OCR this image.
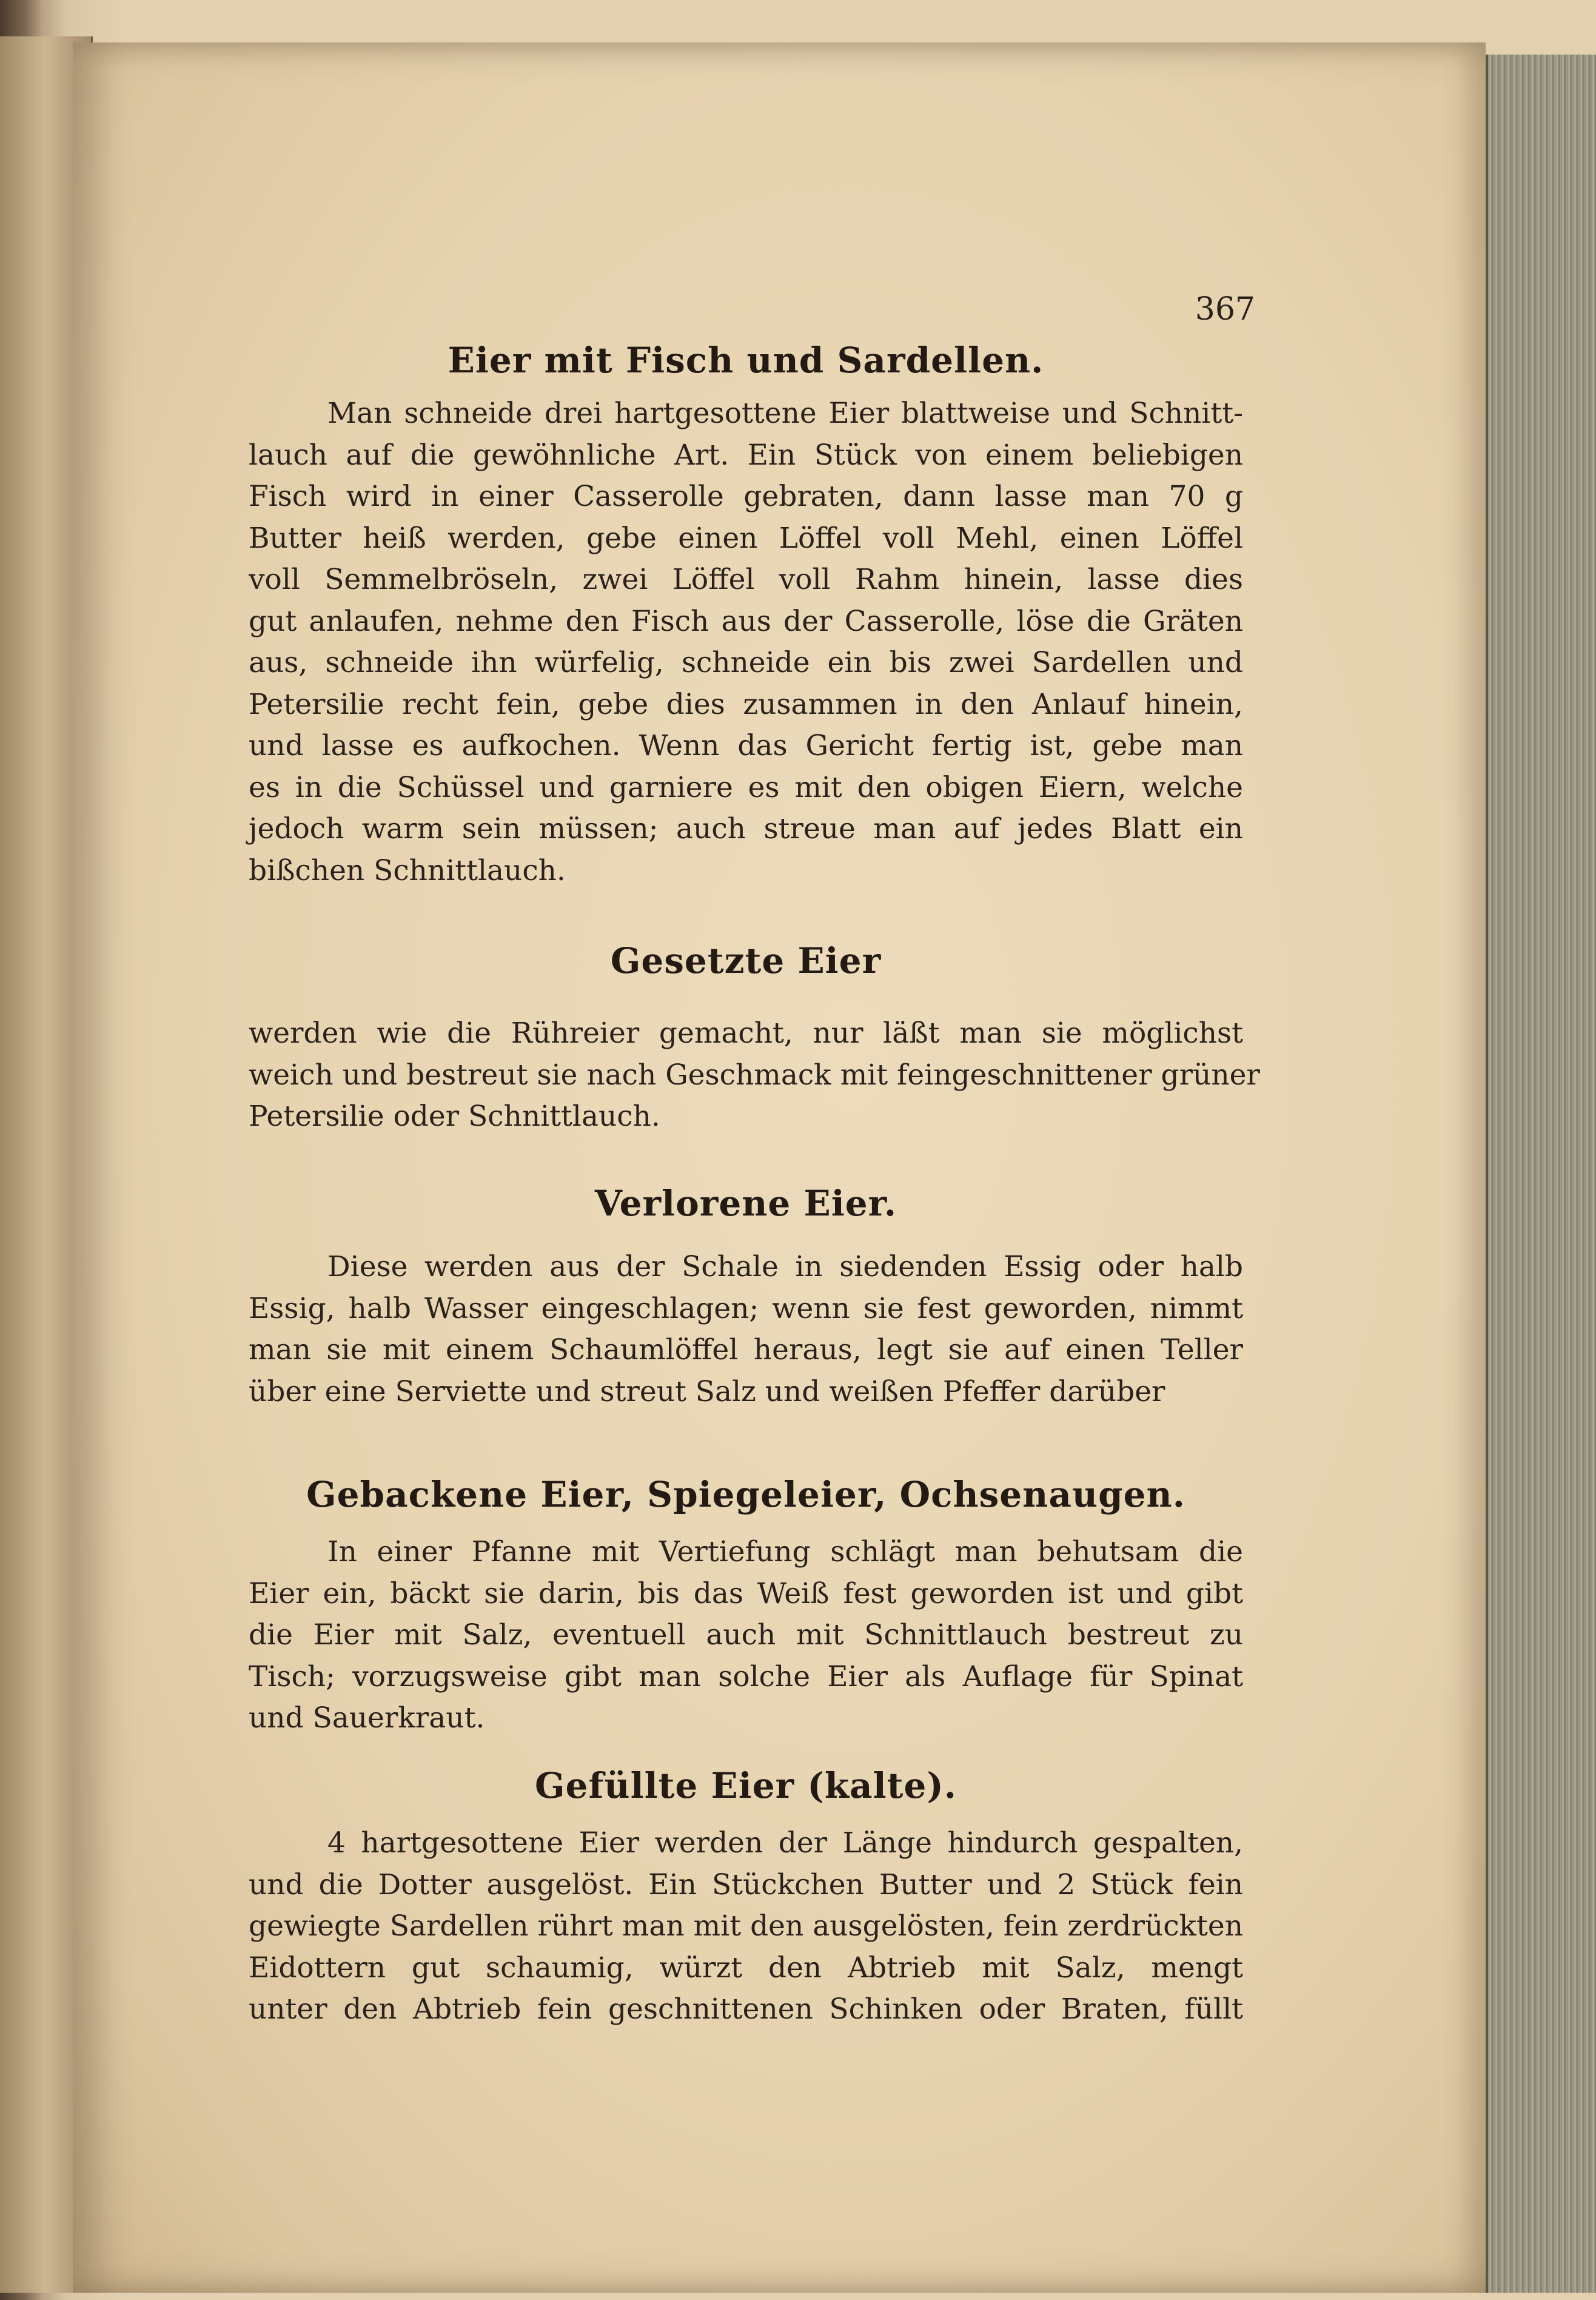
367
Eier mit Fisch und Sardellen.
Man schneide drei hartgesottene Eier blattweise und Schnitt-
lauch auf die gewöhnliche Art. Ein Stück von einem beliebigen
Fisch wird in einer Casserolle gebraten, dann lasse man 70 g
Butter heiß werden, gebe einen Löffel voll Mehl, einen Löffel
voll Semmelbröseln, zwei Löffel voll Rahm hinein, lasse dies
gut anlaufen, nehme den Fisch aus der Casserolle, löse die Gräten
aus, schneide ihn würfelig, schneide ein bis zwei Sardellen und
Petersilie recht fein, gebe dies zusammen in den Anlauf hinein,
und lasse es aufkochen. Wenn das Gericht fertig ist, gebe man
es in die Schüssel und garniere es mit den obigen Eiern, welche
jedoch warm sein müssen; auch streue man auf jedes Blatt ein
bißchen Schnittlauch.
Gesetzte Eier
werden wie die Rühreier gemacht, nur läßt man sie möglichst
weich und bestreut sie nach Geschmack mit feingeschnittener grüner
Petersilie oder Schnittlauch.
Verlorene Eier.
Diese werden aus der Schale in siedenden Essig oder halb
Essig, halb Wasser eingeschlagen; wenn sie fest geworden, nimmt
man sie mit einem Schaumlöffel heraus, legt sie auf einen Teller
über eine Serviette und streut Salz und weißen Pfeffer darüber
Gebackene Eier, Spiegeleier, Ochsenaugen.
In einer Pfanne mit Vertiefung schlägt man behutsam die
Eier ein, bäckt sie darin, bis das Weiß fest geworden ist und gibt
die Eier mit Salz, eventuell auch mit Schnittlauch bestreut zu
Tisch; vorzugsweise gibt man solche Eier als Auflage für Spinat
und Sauerkraut.
Gefüllte Eier (kalte).
4 hartgesottene Eier werden der Länge hindurch gespalten,
und die Dotter ausgelöst. Ein Stückchen Butter und 2 Stück fein
gewiegte Sardellen rührt man mit den ausgelösten, fein zerdrückten
Eidottern gut schaumig, würzt den Abtrieb mit Salz, mengt
unter den Abtrieb fein geschnittenen Schinken oder Braten, füllt
